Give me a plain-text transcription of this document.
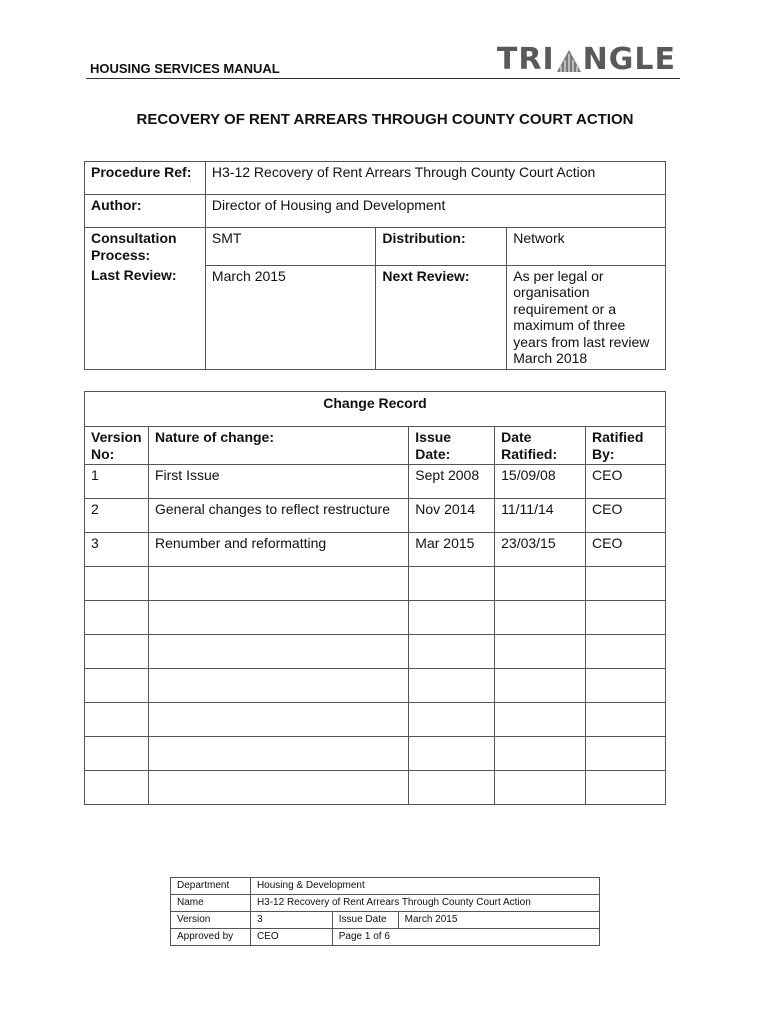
HOUSING SERVICES MANUAL	TRI NGLE
RECOVERY OF RENT ARREARS THROUGH COUNTY COURT ACTION
Procedure Ref:	H3-12 Recovery of Rent Arrears Through County Court Action		
Author:	Director of Housing and Development		
Consultation Process:	SMT	Distribution:	Network
Last Review:	March 2015	Next Review:	As per legal or organisation requirement or a maximum of three years from last review March 2018
Change Record				
Version No:	Nature of change:	Issue Date:	Date Ratified:	Ratified By:
1	First Issue	Sept 2008	15/09/08	CEO
2	General changes to reflect restructure	Nov 2014	11/11/14	CEO
3	Renumber and reformatting	Mar 2015	23/03/15	CEO

Department	Housing & Development		
Name	H3-12 Recovery of Rent Arrears Through County Court Action		
Version	3	Issue Date	March 2015
Approved by	CEO	Page 1 of 6	
